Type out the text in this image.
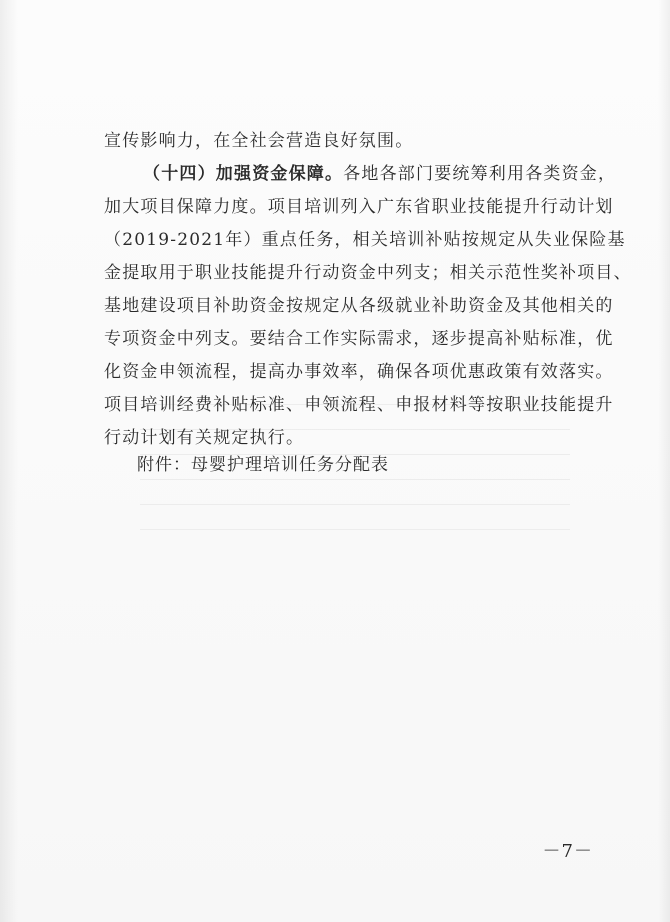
宣传影响力，在全社会营造良好氛围。
（十四）加强资金保障。各地各部门要统筹利用各类资金，
加大项目保障力度。项目培训列入广东省职业技能提升行动计划
（2019-2021年）重点任务，相关培训补贴按规定从失业保险基
金提取用于职业技能提升行动资金中列支；相关示范性奖补项目、
基地建设项目补助资金按规定从各级就业补助资金及其他相关的
专项资金中列支。要结合工作实际需求，逐步提高补贴标准，优
化资金申领流程，提高办事效率，确保各项优惠政策有效落实。
项目培训经费补贴标准、申领流程、申报材料等按职业技能提升
行动计划有关规定执行。
附件：母婴护理培训任务分配表
－7－
